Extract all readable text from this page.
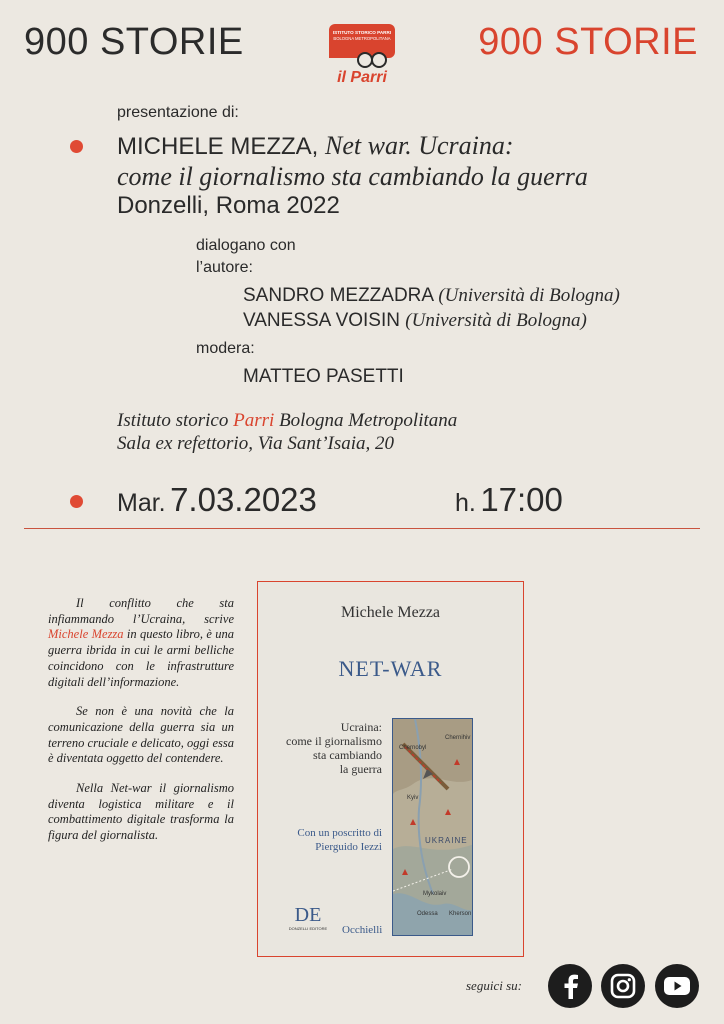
900 STORIE	900 STORIE
ISTITUTO STORICO PARRI
BOLOGNA METROPOLITANA
il Parri
presentazione di:
MICHELE MEZZA, Net war. Ucraina:
come il giornalismo sta cambiando la guerra
Donzelli, Roma 2022
dialogano con
l’autore:
SANDRO MEZZADRA (Università di Bologna)
VANESSA VOISIN (Università di Bologna)
modera:
MATTEO PASETTI
Istituto storico Parri Bologna Metropolitana
Sala ex refettorio, Via Sant’Isaia, 20
Mar. 7.03.2023	h. 17:00

Il conflitto che sta infiammando l’Ucraina, scrive Michele Mezza in questo libro, è una guerra ibrida in cui le armi belliche coincidono con le infrastrutture digitali dell’informazione.

Se non è una novità che la comunicazione della guerra sia un terreno cruciale e delicato, oggi essa è diventata oggetto del contendere.

Nella Net-war il giornalismo diventa logistica militare e il combattimento digitale trasforma la figura del giornalista.

Michele Mezza
NET-WAR
Ucraina:
come il giornalismo
sta cambiando
la guerra
Con un poscritto di
Pierguido Iezzi
Chernihiv
Chernobyl
Kyiv
UKRAINE
Mykolaiv
Odessa Kherson
DE
DONZELLI EDITORE Occhielli
seguici su:
